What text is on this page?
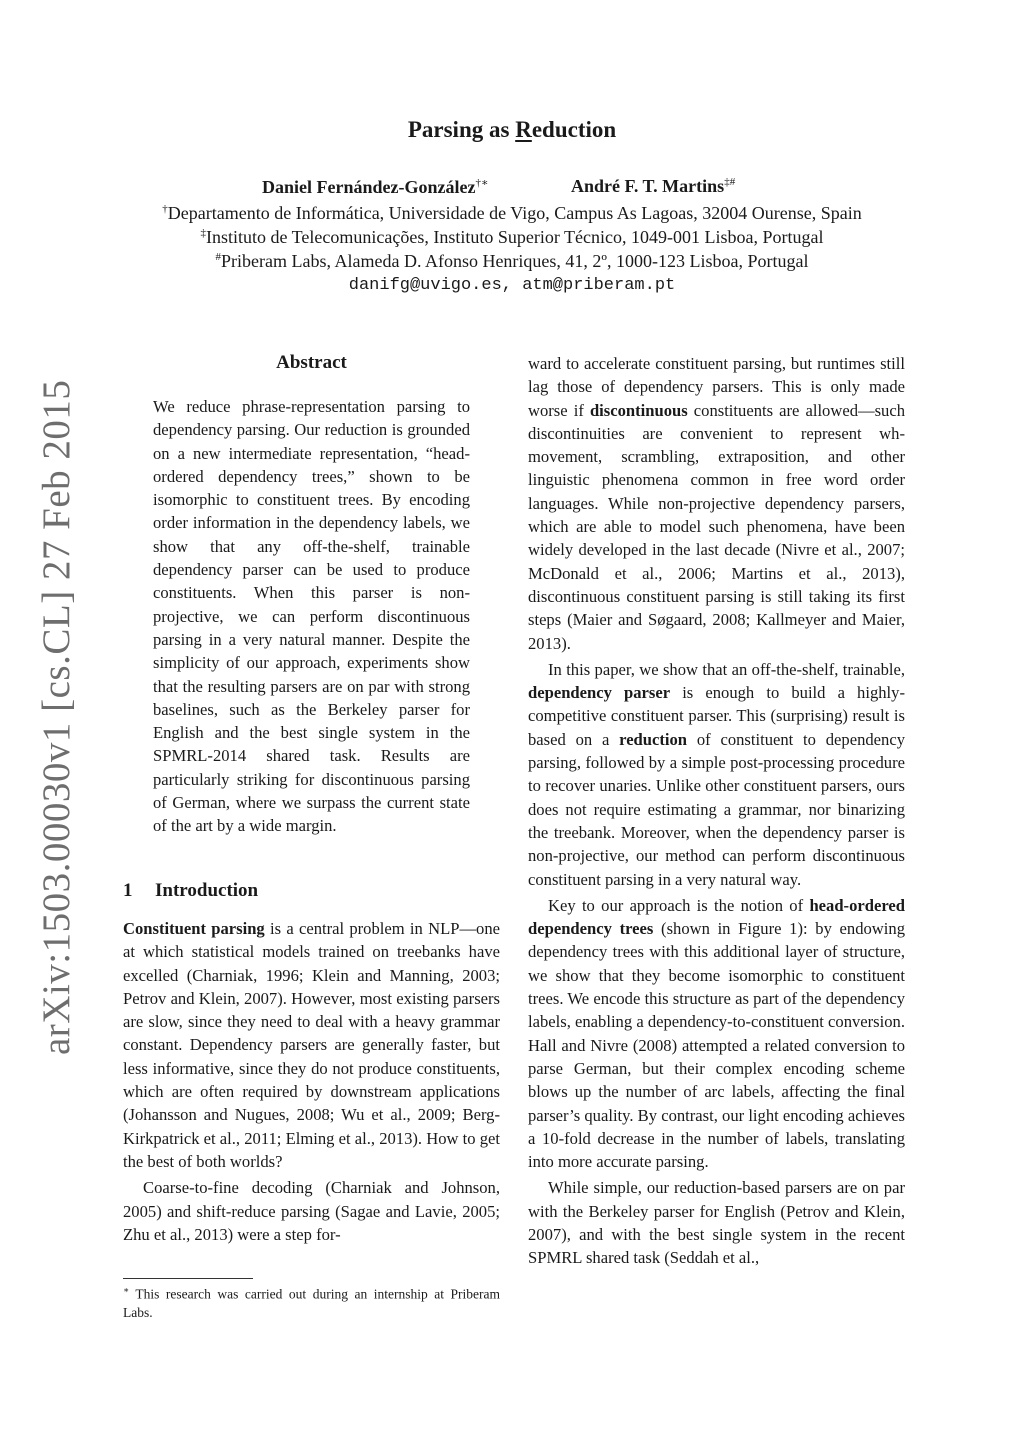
Parsing as Reduction
Daniel Fernández-González†∗	André F. T. Martins‡#
†Departamento de Informática, Universidade de Vigo, Campus As Lagoas, 32004 Ourense, Spain
‡Instituto de Telecomunicações, Instituto Superior Técnico, 1049-001 Lisboa, Portugal
#Priberam Labs, Alameda D. Afonso Henriques, 41, 2º, 1000-123 Lisboa, Portugal
danifg@uvigo.es, atm@priberam.pt
arXiv:1503.00030v1 [cs.CL] 27 Feb 2015
Abstract
We reduce phrase-representation parsing to dependency parsing. Our reduction is grounded on a new intermediate representation, “head-ordered dependency trees,” shown to be isomorphic to constituent trees. By encoding order information in the dependency labels, we show that any off-the-shelf, trainable dependency parser can be used to produce constituents. When this parser is non-projective, we can perform discontinuous parsing in a very natural manner. Despite the simplicity of our approach, experiments show that the resulting parsers are on par with strong baselines, such as the Berkeley parser for English and the best single system in the SPMRL-2014 shared task. Results are particularly striking for discontinuous parsing of German, where we surpass the current state of the art by a wide margin.
1 Introduction

Constituent parsing is a central problem in NLP—one at which statistical models trained on treebanks have excelled (Charniak, 1996; Klein and Manning, 2003; Petrov and Klein, 2007). However, most existing parsers are slow, since they need to deal with a heavy grammar constant. Dependency parsers are generally faster, but less informative, since they do not produce constituents, which are often required by downstream applications (Johansson and Nugues, 2008; Wu et al., 2009; Berg-Kirkpatrick et al., 2011; Elming et al., 2013). How to get the best of both worlds?

Coarse-to-fine decoding (Charniak and Johnson, 2005) and shift-reduce parsing (Sagae and Lavie, 2005; Zhu et al., 2013) were a step for-

∗ This research was carried out during an internship at Priberam Labs.

ward to accelerate constituent parsing, but runtimes still lag those of dependency parsers. This is only made worse if discontinuous constituents are allowed—such discontinuities are convenient to represent wh-movement, scrambling, extraposition, and other linguistic phenomena common in free word order languages. While non-projective dependency parsers, which are able to model such phenomena, have been widely developed in the last decade (Nivre et al., 2007; McDonald et al., 2006; Martins et al., 2013), discontinuous constituent parsing is still taking its first steps (Maier and Søgaard, 2008; Kallmeyer and Maier, 2013).

In this paper, we show that an off-the-shelf, trainable, dependency parser is enough to build a highly-competitive constituent parser. This (surprising) result is based on a reduction of constituent to dependency parsing, followed by a simple post-processing procedure to recover unaries. Unlike other constituent parsers, ours does not require estimating a grammar, nor binarizing the treebank. Moreover, when the dependency parser is non-projective, our method can perform discontinuous constituent parsing in a very natural way.

Key to our approach is the notion of head-ordered dependency trees (shown in Figure 1): by endowing dependency trees with this additional layer of structure, we show that they become isomorphic to constituent trees. We encode this structure as part of the dependency labels, enabling a dependency-to-constituent conversion. Hall and Nivre (2008) attempted a related conversion to parse German, but their complex encoding scheme blows up the number of arc labels, affecting the final parser’s quality. By contrast, our light encoding achieves a 10-fold decrease in the number of labels, translating into more accurate parsing.

While simple, our reduction-based parsers are on par with the Berkeley parser for English (Petrov and Klein, 2007), and with the best single system in the recent SPMRL shared task (Seddah et al.,
